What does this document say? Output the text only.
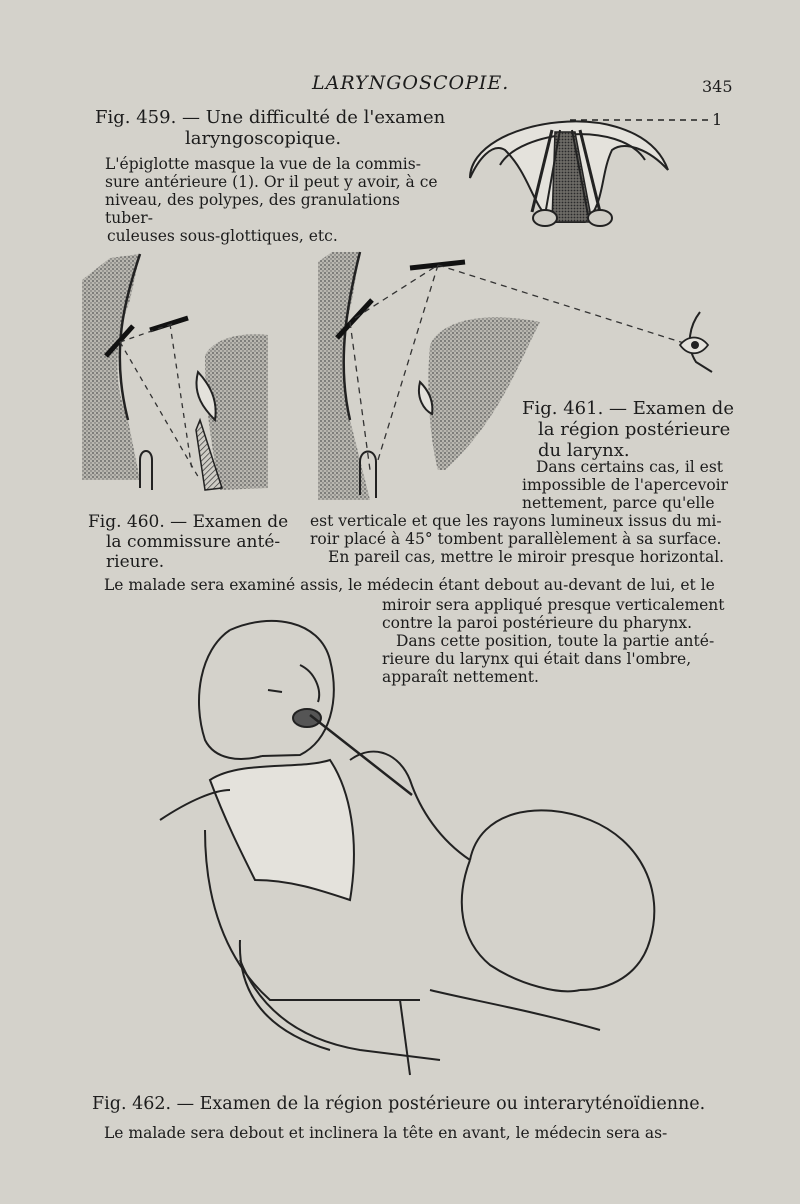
LARYNGOSCOPIE.	345
Fig. 459. — Une difficulté de l'examen
laryngoscopique.
L'épiglotte masque la vue de la commis-
sure antérieure (1). Or il peut y avoir, à ce
niveau, des polypes, des granulations tuber-
culeuses sous-glottiques, etc.
1
Fig. 461. — Examen de
la région postérieure
du larynx.
Dans certains cas, il est
impossible de l'apercevoir
nettement, parce qu'elle
est verticale et que les rayons lumineux issus du mi-
roir placé à 45° tombent parallèlement à sa surface.
En pareil cas, mettre le miroir presque horizontal.
Fig. 460. — Examen de
la commissure anté-
rieure.
Le malade sera examiné assis, le médecin étant debout au-devant de lui, et le
miroir sera appliqué presque verticalement
contre la paroi postérieure du pharynx.
Dans cette position, toute la partie anté-
rieure du larynx qui était dans l'ombre,
apparaît nettement.
Fig. 462. — Examen de la région postérieure ou interaryténoïdienne.
Le malade sera debout et inclinera la tête en avant, le médecin sera as-
